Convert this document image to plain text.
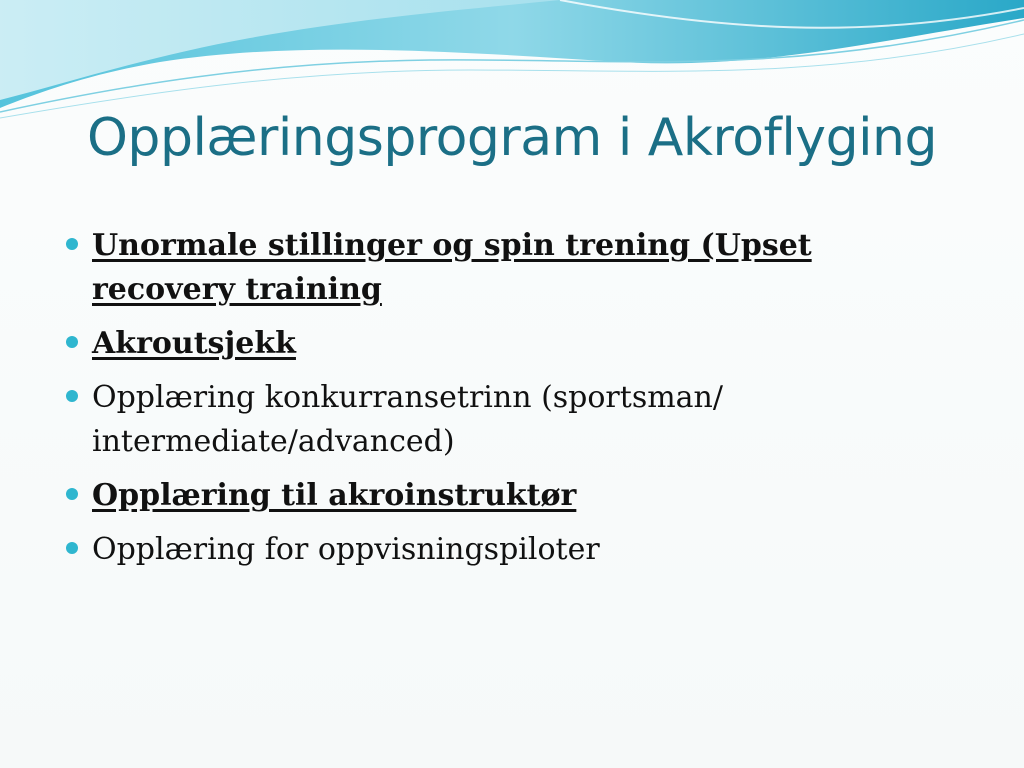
Opplæringsprogram i Akroflyging
Unormale stillinger og spin trening (Upset recovery training
Akroutsjekk
Opplæring konkurransetrinn (sportsman/ intermediate/advanced)
Opplæring til akroinstruktør
Opplæring for oppvisningspiloter
